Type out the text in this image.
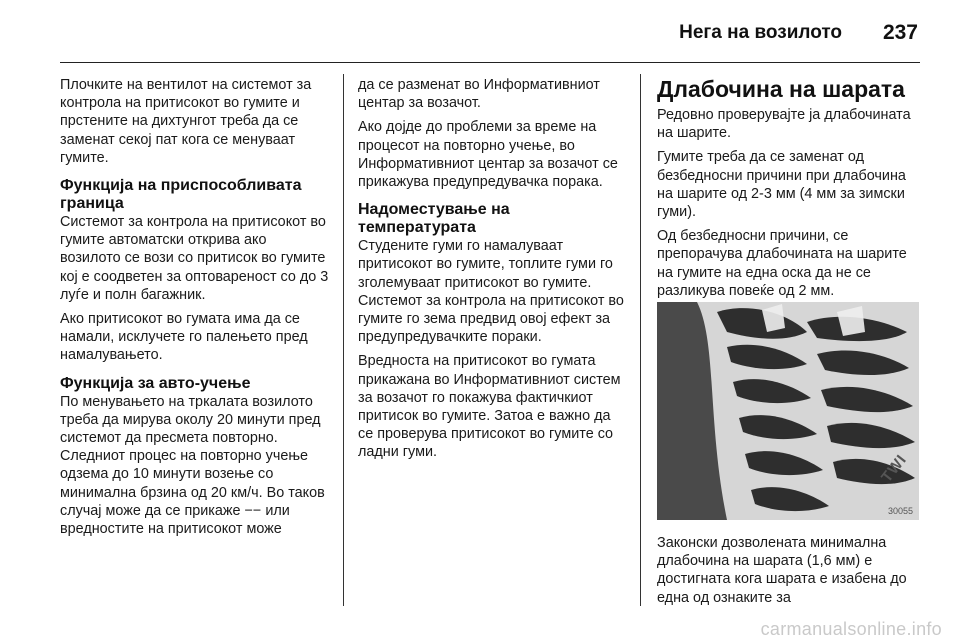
Нега на возилото 237

Плочките на вентилот на системот за контрола на притисокот во гумите и прстените на дихтунгот треба да се заменат секој пат кога се менуваат гумите.

Функција на приспособливата граница

Системот за контрола на притисокот во гумите автоматски открива ако возилото се вози со притисок во гумите кој е соодветен за оптовареност со до 3 луѓе и полн багажник.

Ако притисокот во гумата има да се намали, исклучете го палењето пред намалувањето.

Функција за авто-учење

По менувањето на тркалата возилото треба да мирува околу 20 минути пред системот да пресмета повторно. Следниот процес на повторно учење одзема до 10 минути возење со минимална брзина од 20 км/ч. Во таков случај може да се прикаже −− или вредностите на притисокот може

да се разменат во Информативниот центар за возачот.

Ако дојде до проблеми за време на процесот на повторно учење, во Информативниот центар за возачот се прикажува предупредувачка порака.

Надоместување на температурата

Студените гуми го намалуваат притисокот во гумите, топлите гуми го зголемуваат притисокот во гумите. Системот за контрола на притисокот во гумите го зема предвид овој ефект за предупредувачките пораки.

Вредноста на притисокот во гумата прикажана во Информативниот систем за возачот го покажува фактичкиот притисок во гумите. Затоа е важно да се проверува притисокот во гумите со ладни гуми.

Длабочина на шарата

Редовно проверувајте ја длабочината на шарите.

Гумите треба да се заменат од безбедносни причини при длабочина на шарите од 2-3 мм (4 мм за зимски гуми).

Од безбедносни причини, се препорачува длабочината на шарите на гумите на една оска да не се разликува повеќе од 2 мм.

TWI
30055

Законски дозволената минимална длабочина на шарата (1,6 мм) е достигната кога шарата е изабена до една од ознаките за

carmanualsonline.info
